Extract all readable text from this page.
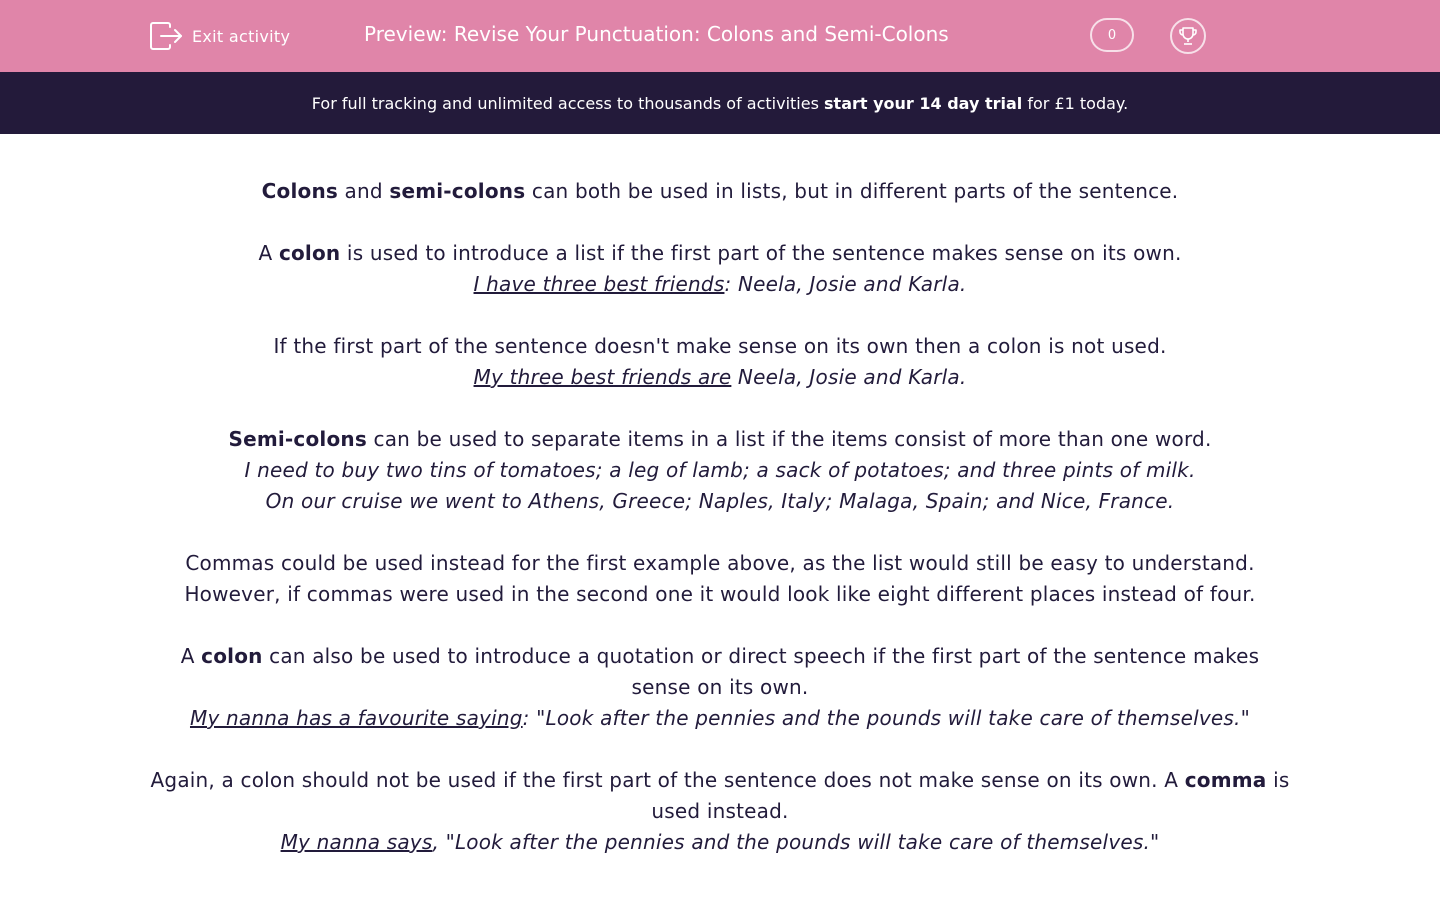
Exit activity	Preview: Revise Your Punctuation: Colons and Semi-Colons	0
For full tracking and unlimited access to thousands of activities start your 14 day trial for £1 today.

Colons and semi-colons can both be used in lists, but in different parts of the sentence.

A colon is used to introduce a list if the first part of the sentence makes sense on its own.
I have three best friends: Neela, Josie and Karla.

If the first part of the sentence doesn't make sense on its own then a colon is not used.
My three best friends are Neela, Josie and Karla.

Semi-colons can be used to separate items in a list if the items consist of more than one word.
I need to buy two tins of tomatoes; a leg of lamb; a sack of potatoes; and three pints of milk.
On our cruise we went to Athens, Greece; Naples, Italy; Malaga, Spain; and Nice, France.

Commas could be used instead for the first example above, as the list would still be easy to understand.
However, if commas were used in the second one it would look like eight different places instead of four.

A colon can also be used to introduce a quotation or direct speech if the first part of the sentence makes sense on its own.
My nanna has a favourite saying: "Look after the pennies and the pounds will take care of themselves."

Again, a colon should not be used if the first part of the sentence does not make sense on its own. A comma is used instead.
My nanna says, "Look after the pennies and the pounds will take care of themselves."
